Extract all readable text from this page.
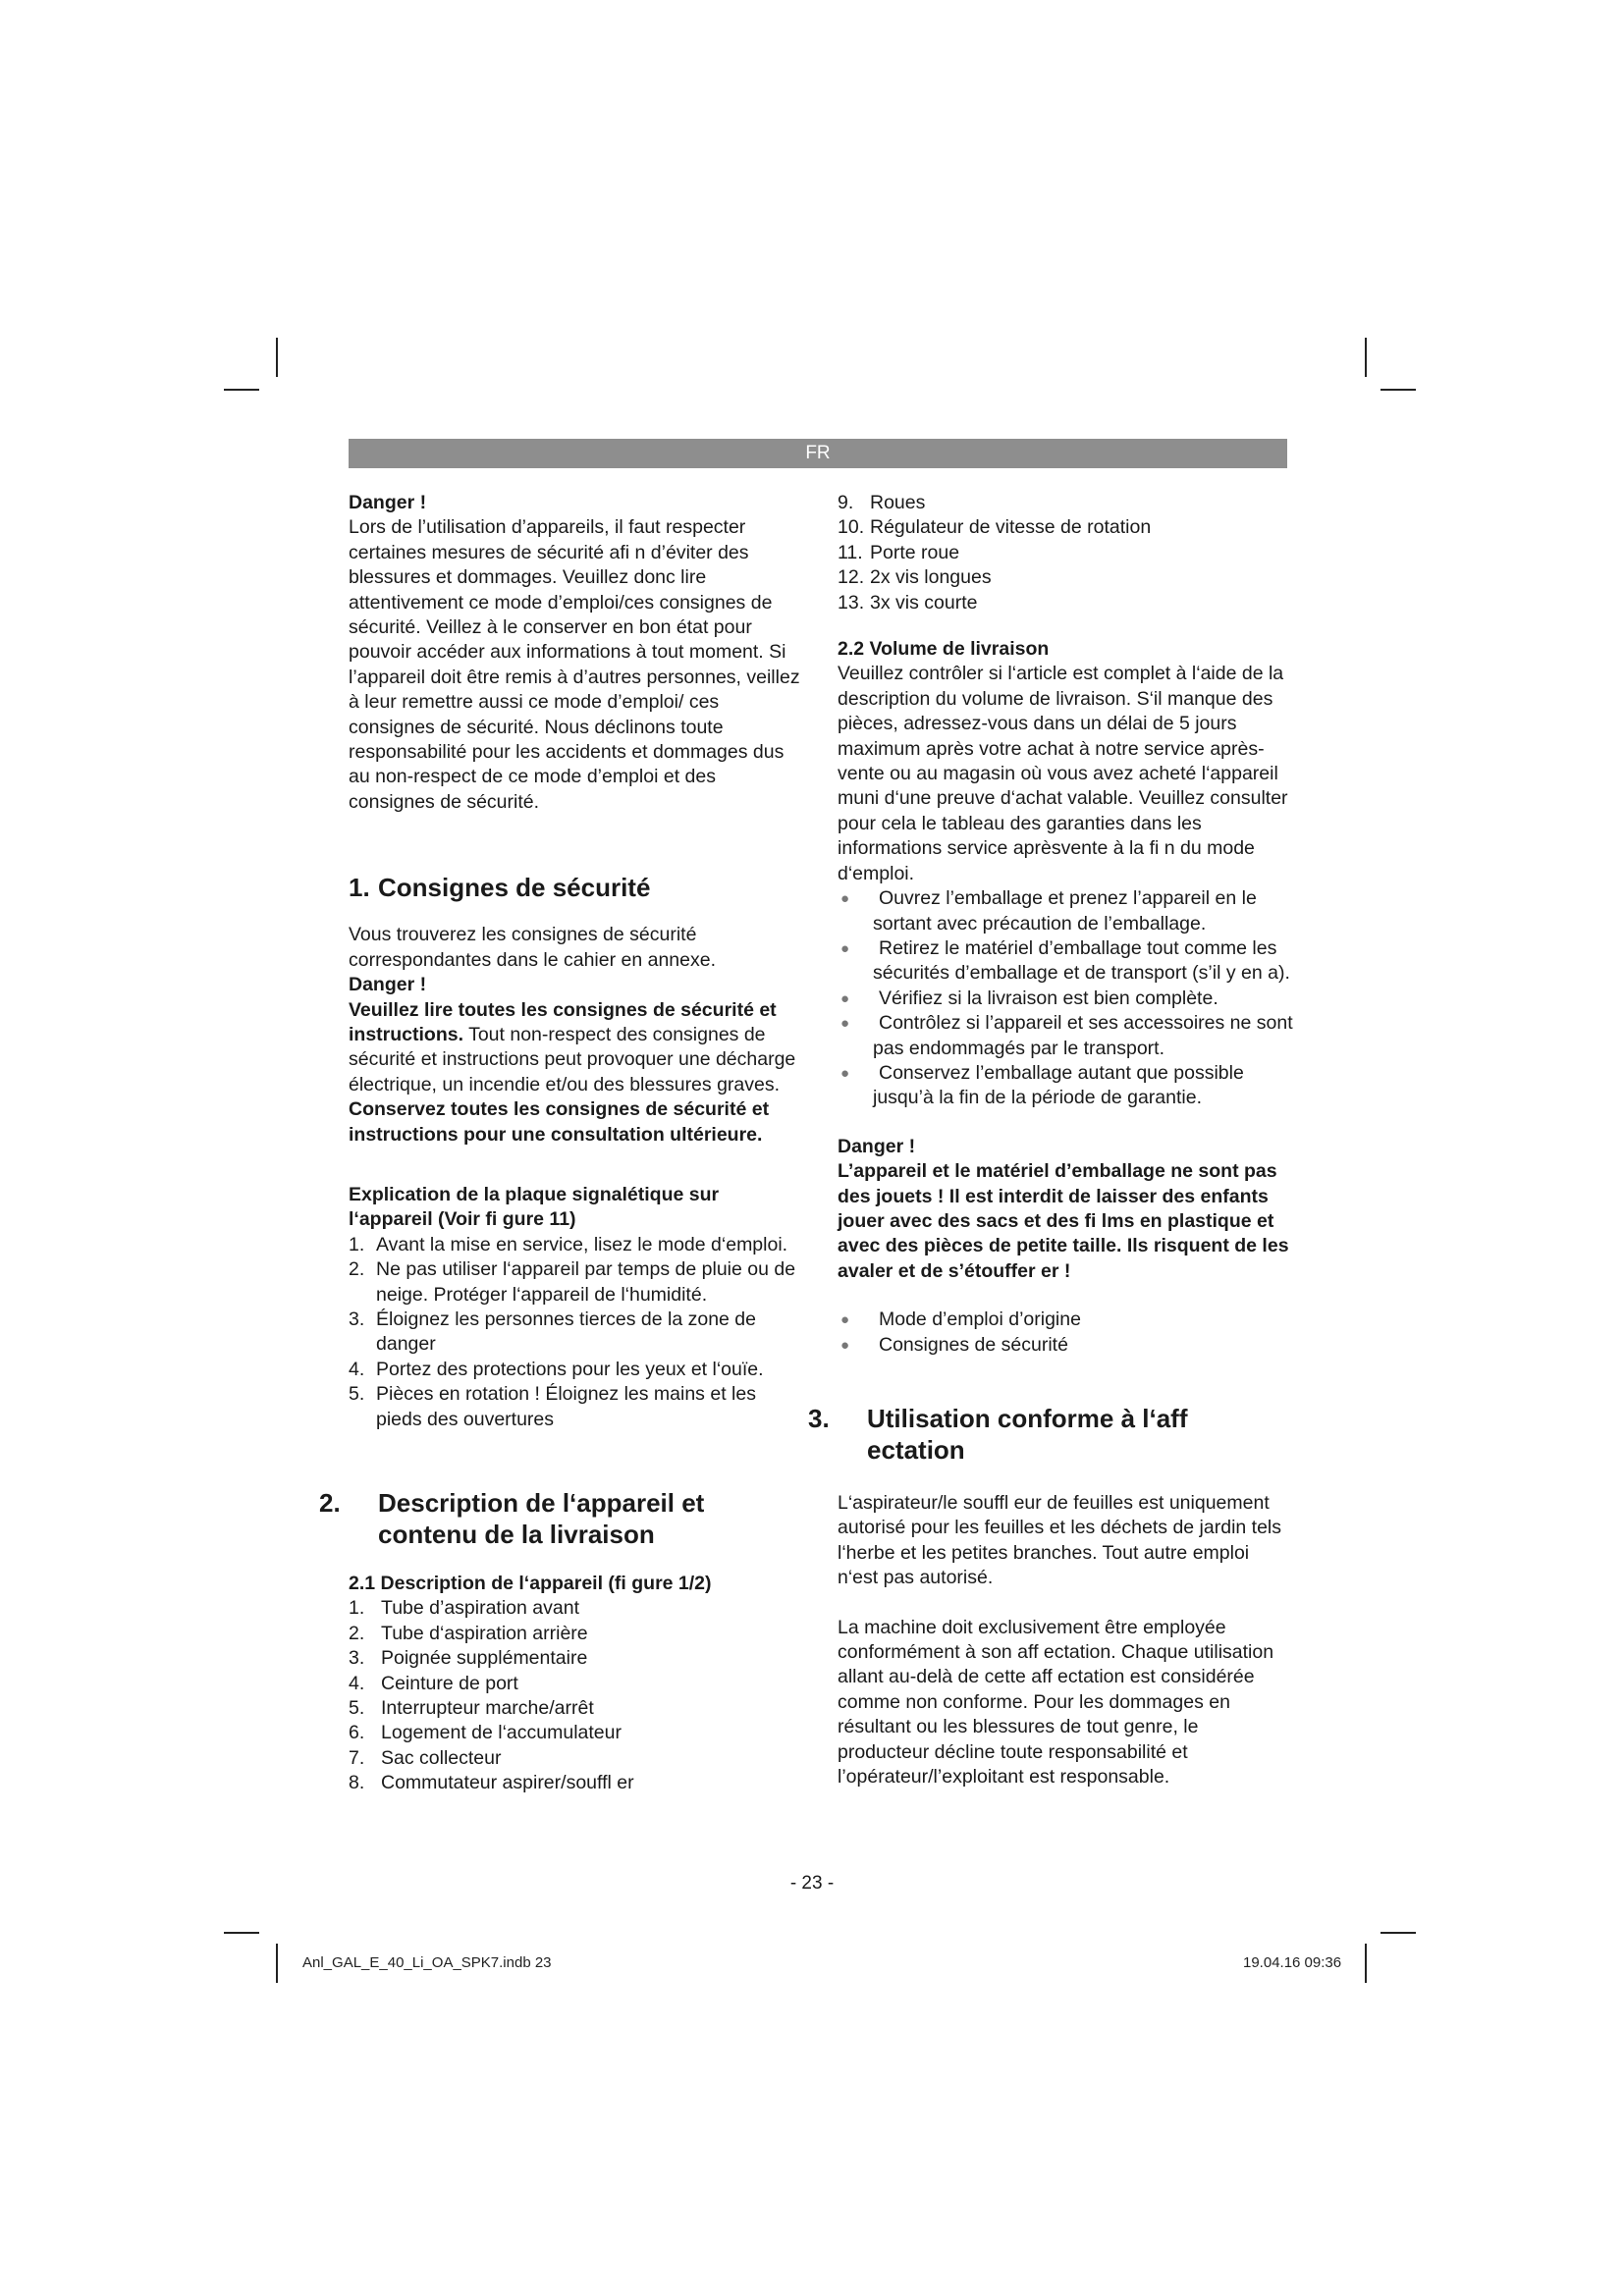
FR

Danger !

Lors de l’utilisation d’appareils, il faut respecter certaines mesures de sécurité afi n d’éviter des blessures et dommages. Veuillez donc lire attentivement ce mode d’emploi/ces consignes de sécurité. Veillez à le conserver en bon état pour pouvoir accéder aux informations à tout moment. Si l’appareil doit être remis à d’autres personnes, veillez à leur remettre aussi ce mode d’emploi/ ces consignes de sécurité. Nous déclinons toute responsabilité pour les accidents et dommages dus au non-respect de ce mode d’emploi et des consignes de sécurité.

1. Consignes de sécurité

Vous trouverez les consignes de sécurité correspondantes dans le cahier en annexe.

Danger !

Veuillez lire toutes les consignes de sécurité et instructions. Tout non-respect des consignes de sécurité et instructions peut provoquer une décharge électrique, un incendie et/ou des blessures graves.

Conservez toutes les consignes de sécurité et instructions pour une consultation ultérieure.

Explication de la plaque signalétique sur l‘appareil (Voir fi gure 11)

1. Avant la mise en service, lisez le mode d‘emploi.
2. Ne pas utiliser l‘appareil par temps de pluie ou de neige. Protéger l‘appareil de l‘humidité.
3. Éloignez les personnes tierces de la zone de danger
4. Portez des protections pour les yeux et l‘ouïe.
5. Pièces en rotation ! Éloignez les mains et les pieds des ouvertures

2. Description de l‘appareil et contenu de la livraison

2.1 Description de l‘appareil (fi gure 1/2)

1. Tube d’aspiration avant
2. Tube d‘aspiration arrière
3. Poignée supplémentaire
4. Ceinture de port
5. Interrupteur marche/arrêt
6. Logement de l‘accumulateur
7. Sac collecteur
8. Commutateur aspirer/souffl er
9. Roues
10. Régulateur de vitesse de rotation
11. Porte roue
12. 2x vis longues
13. 3x vis courte

2.2 Volume de livraison

Veuillez contrôler si l‘article est complet à l‘aide de la description du volume de livraison. S‘il manque des pièces, adressez-vous dans un délai de 5 jours maximum après votre achat à notre service après-vente ou au magasin où vous avez acheté l‘appareil muni d‘une preuve d‘achat valable. Veuillez consulter pour cela le tableau des garanties dans les informations service aprèsvente à la fi n du mode d‘emploi.

●	Ouvrez l’emballage et prenez l’appareil en le sortant avec précaution de l’emballage.
●	Retirez le matériel d’emballage tout comme les sécurités d’emballage et de transport (s’il y en a).
●	Vérifiez si la livraison est bien complète.
●	Contrôlez si l’appareil et ses accessoires ne sont pas endommagés par le transport.
●	Conservez l’emballage autant que possible jusqu’à la fin de la période de garantie.

Danger !

L’appareil et le matériel d’emballage ne sont pas des jouets ! Il est interdit de laisser des enfants jouer avec des sacs et des fi lms en plastique et avec des pièces de petite taille. Ils risquent de les avaler et de s’étouffer er !

●	Mode d’emploi d’origine
●	Consignes de sécurité

3. Utilisation conforme à l‘aff ectation

L‘aspirateur/le souffl eur de feuilles est uniquement autorisé pour les feuilles et les déchets de jardin tels l‘herbe et les petites branches. Tout autre emploi n‘est pas autorisé.

La machine doit exclusivement être employée conformément à son aff ectation. Chaque utilisation allant au-delà de cette aff ectation est considérée comme non conforme. Pour les dommages en résultant ou les blessures de tout genre, le producteur décline toute responsabilité et l’opérateur/l’exploitant est responsable.

- 23 -
Anl_GAL_E_40_Li_OA_SPK7.indb 23	19.04.16 09:36
